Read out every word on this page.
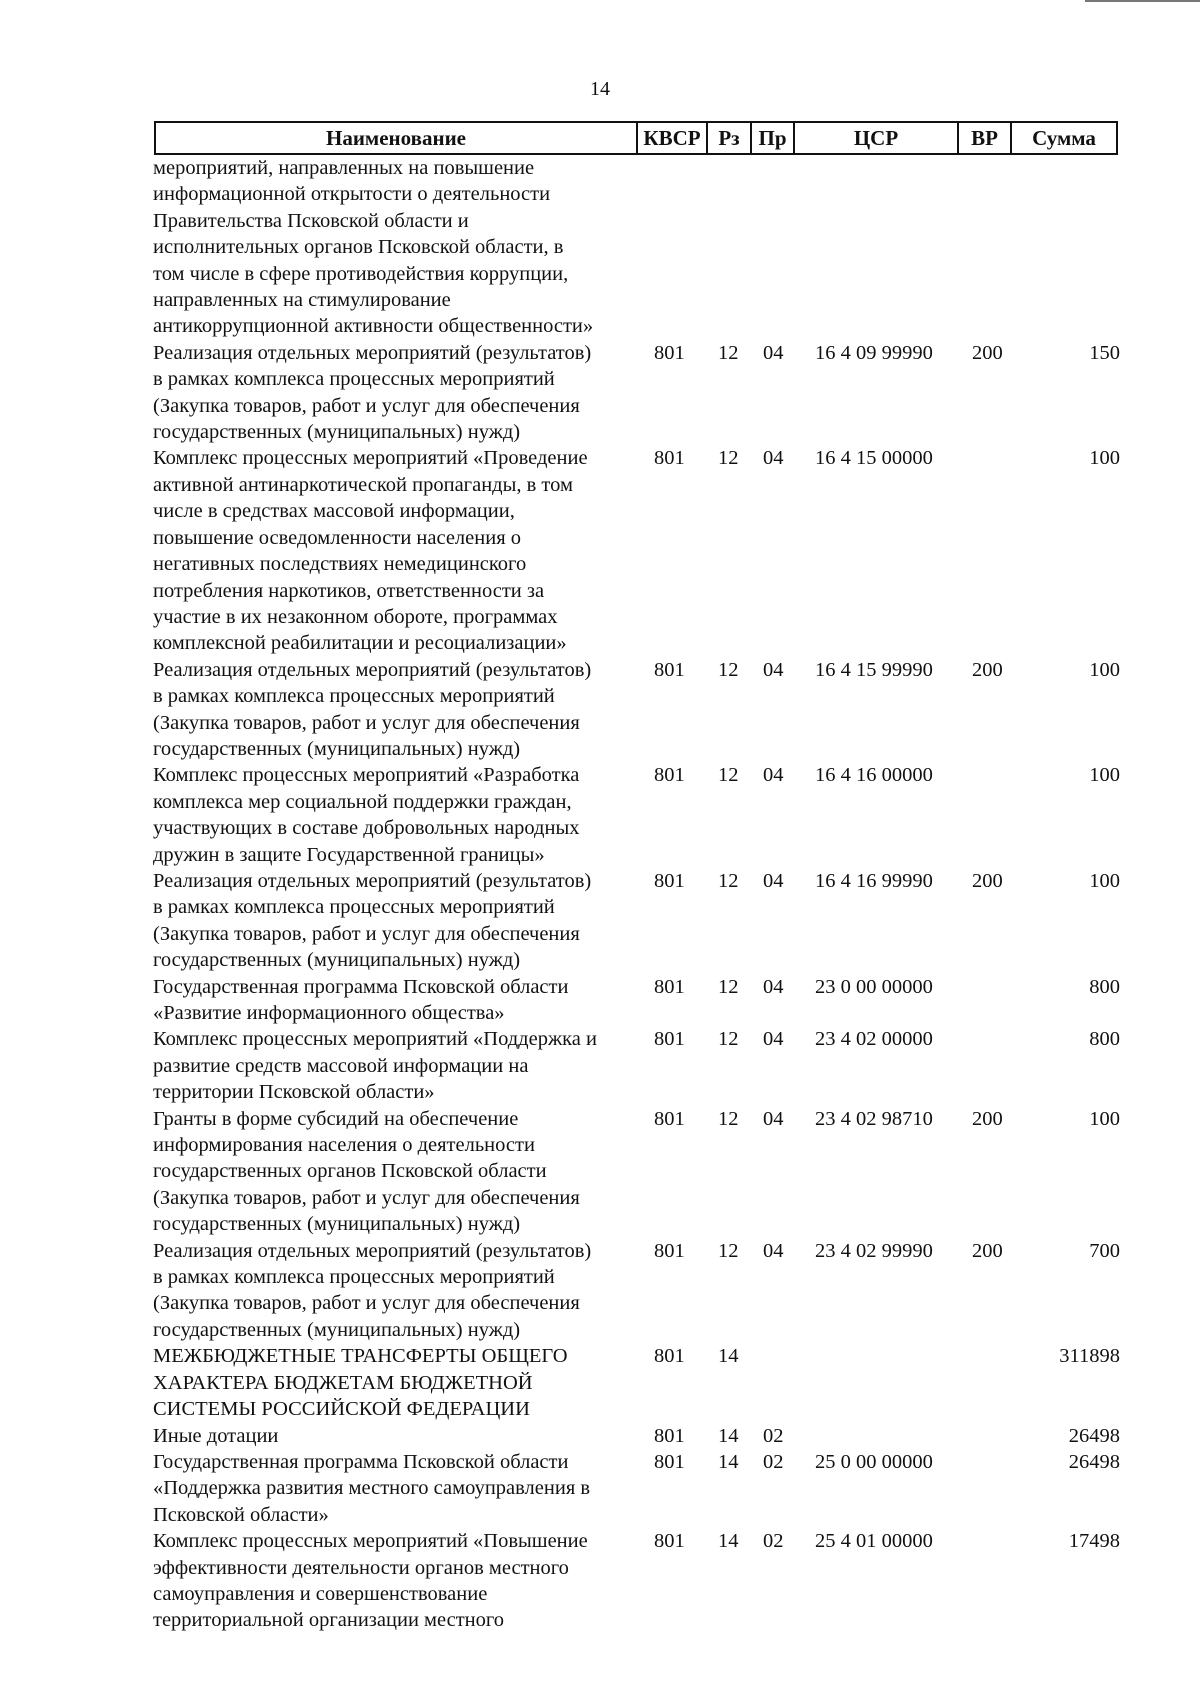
14
Наименование	КВСР Рз Пр	ЦСР	ВР	Сумма
мероприятий, направленных на повышение
информационной открытости о деятельности
Правительства Псковской области и
исполнительных органов Псковской области, в
том числе в сфере противодействия коррупции,
направленных на стимулирование
антикоррупционной активности общественности»
Реализация отдельных мероприятий (результатов)
в рамках комплекса процессных мероприятий
(Закупка товаров, работ и услуг для обеспечения
государственных (муниципальных) нужд)
801 12 04 16 4 09 99990 200	150
Комплекс процессных мероприятий «Проведение
активной антинаркотической пропаганды, в том
числе в средствах массовой информации,
повышение осведомленности населения о
негативных последствиях немедицинского
потребления наркотиков, ответственности за
участие в их незаконном обороте, программах
комплексной реабилитации и ресоциализации»
801 12 04 16 4 15 00000	100
Реализация отдельных мероприятий (результатов)
в рамках комплекса процессных мероприятий
(Закупка товаров, работ и услуг для обеспечения
государственных (муниципальных) нужд)
801 12 04 16 4 15 99990 200	100
Комплекс процессных мероприятий «Разработка
комплекса мер социальной поддержки граждан,
участвующих в составе добровольных народных
дружин в защите Государственной границы»
801 12 04 16 4 16 00000	100
Реализация отдельных мероприятий (результатов)
в рамках комплекса процессных мероприятий
(Закупка товаров, работ и услуг для обеспечения
государственных (муниципальных) нужд)
801 12 04 16 4 16 99990 200	100
Государственная программа Псковской области
«Развитие информационного общества»
801 12 04 23 0 00 00000	800
Комплекс процессных мероприятий «Поддержка и
развитие средств массовой информации на
территории Псковской области»
801 12 04 23 4 02 00000	800
Гранты в форме субсидий на обеспечение
информирования населения о деятельности
государственных органов Псковской области
(Закупка товаров, работ и услуг для обеспечения
государственных (муниципальных) нужд)
801 12 04 23 4 02 98710 200	100
Реализация отдельных мероприятий (результатов)
в рамках комплекса процессных мероприятий
(Закупка товаров, работ и услуг для обеспечения
государственных (муниципальных) нужд)
801 12 04 23 4 02 99990 200	700
МЕЖБЮДЖЕТНЫЕ ТРАНСФЕРТЫ ОБЩЕГО
ХАРАКТЕРА БЮДЖЕТАМ БЮДЖЕТНОЙ
СИСТЕМЫ РОССИЙСКОЙ ФЕДЕРАЦИИ
801 14	311898
Иные дотации	801 14 02	26498
Государственная программа Псковской области
«Поддержка развития местного самоуправления в
Псковской области»
801 14 02 25 0 00 00000	26498
Комплекс процессных мероприятий «Повышение
эффективности деятельности органов местного
самоуправления и совершенствование
территориальной организации местного
801 14 02 25 4 01 00000	17498
